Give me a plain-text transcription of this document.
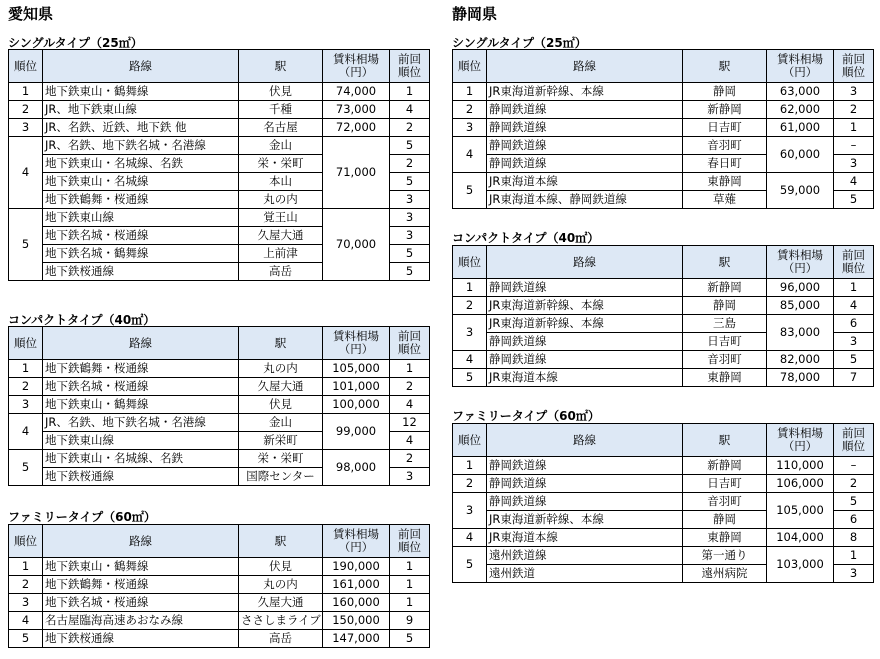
愛知県
シングルタイプ（25㎡）
順位	路線	駅	賃料相場
（円）	前回
順位
1	地下鉄東山・鶴舞線	伏見	74,000	1
2	JR、地下鉄東山線	千種	73,000	4
3	JR、名鉄、近鉄、地下鉄 他	名古屋	72,000	2
4	JR、名鉄、地下鉄名城・名港線	金山	71,000	5
	地下鉄東山・名城線、名鉄	栄・栄町		2
	地下鉄東山・名城線	本山		5
	地下鉄鶴舞・桜通線	丸の内		3
5	地下鉄東山線	覚王山	70,000	3
	地下鉄名城・桜通線	久屋大通		3
	地下鉄名城・鶴舞線	上前津		5
	地下鉄桜通線	高岳		5
コンパクトタイプ（40㎡）
順位	路線	駅	賃料相場
（円）	前回
順位
1	地下鉄鶴舞・桜通線	丸の内	105,000	1
2	地下鉄名城・桜通線	久屋大通	101,000	2
3	地下鉄東山・鶴舞線	伏見	100,000	4
4	JR、名鉄、地下鉄名城・名港線	金山	99,000	12
	地下鉄東山線	新栄町		4
5	地下鉄東山・名城線、名鉄	栄・栄町	98,000	2
	地下鉄桜通線	国際センター		3
ファミリータイプ（60㎡）
順位	路線	駅	賃料相場
（円）	前回
順位
1	地下鉄東山・鶴舞線	伏見	190,000	1
2	地下鉄鶴舞・桜通線	丸の内	161,000	1
3	地下鉄名城・桜通線	久屋大通	160,000	1
4	名古屋臨海高速あおなみ線	ささしまライブ	150,000	9
5	地下鉄桜通線	高岳	147,000	5
静岡県
シングルタイプ（25㎡）
順位	路線	駅	賃料相場
（円）	前回
順位
1	JR東海道新幹線、本線	静岡	63,000	3
2	静岡鉄道線	新静岡	62,000	2
3	静岡鉄道線	日吉町	61,000	1
4	静岡鉄道線	音羽町	60,000	–
	静岡鉄道線	春日町		3
5	JR東海道本線	東静岡	59,000	4
	JR東海道本線、静岡鉄道線	草薙		5
コンパクトタイプ（40㎡）
順位	路線	駅	賃料相場
（円）	前回
順位
1	静岡鉄道線	新静岡	96,000	1
2	JR東海道新幹線、本線	静岡	85,000	4
3	JR東海道新幹線、本線	三島	83,000	6
	静岡鉄道線	日吉町		3
4	静岡鉄道線	音羽町	82,000	5
5	JR東海道本線	東静岡	78,000	7
ファミリータイプ（60㎡）
順位	路線	駅	賃料相場
（円）	前回
順位
1	静岡鉄道線	新静岡	110,000	–
2	静岡鉄道線	日吉町	106,000	2
3	静岡鉄道線	音羽町	105,000	5
	JR東海道新幹線、本線	静岡		6
4	JR東海道本線	東静岡	104,000	8
5	遠州鉄道線	第一通り	103,000	1
	遠州鉄道	遠州病院		3
